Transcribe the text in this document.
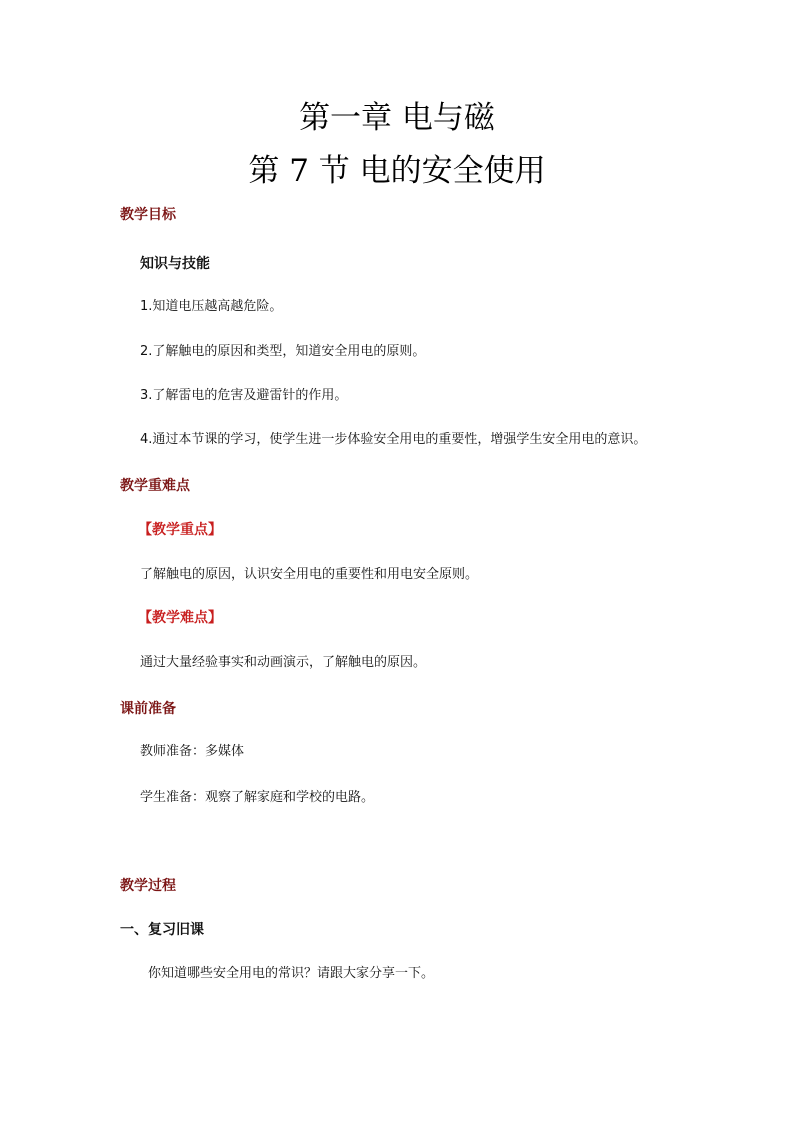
第一章 电与磁
第 7 节 电的安全使用
教学目标
知识与技能
1.知道电压越高越危险。
2.了解触电的原因和类型，知道安全用电的原则。
3.了解雷电的危害及避雷针的作用。
4.通过本节课的学习，使学生进一步体验安全用电的重要性，增强学生安全用电的意识。
教学重难点
【教学重点】
了解触电的原因，认识安全用电的重要性和用电安全原则。
【教学难点】
通过大量经验事实和动画演示，了解触电的原因。
课前准备
教师准备：多媒体
学生准备：观察了解家庭和学校的电路。
教学过程
一、复习旧课
你知道哪些安全用电的常识？请跟大家分享一下。
